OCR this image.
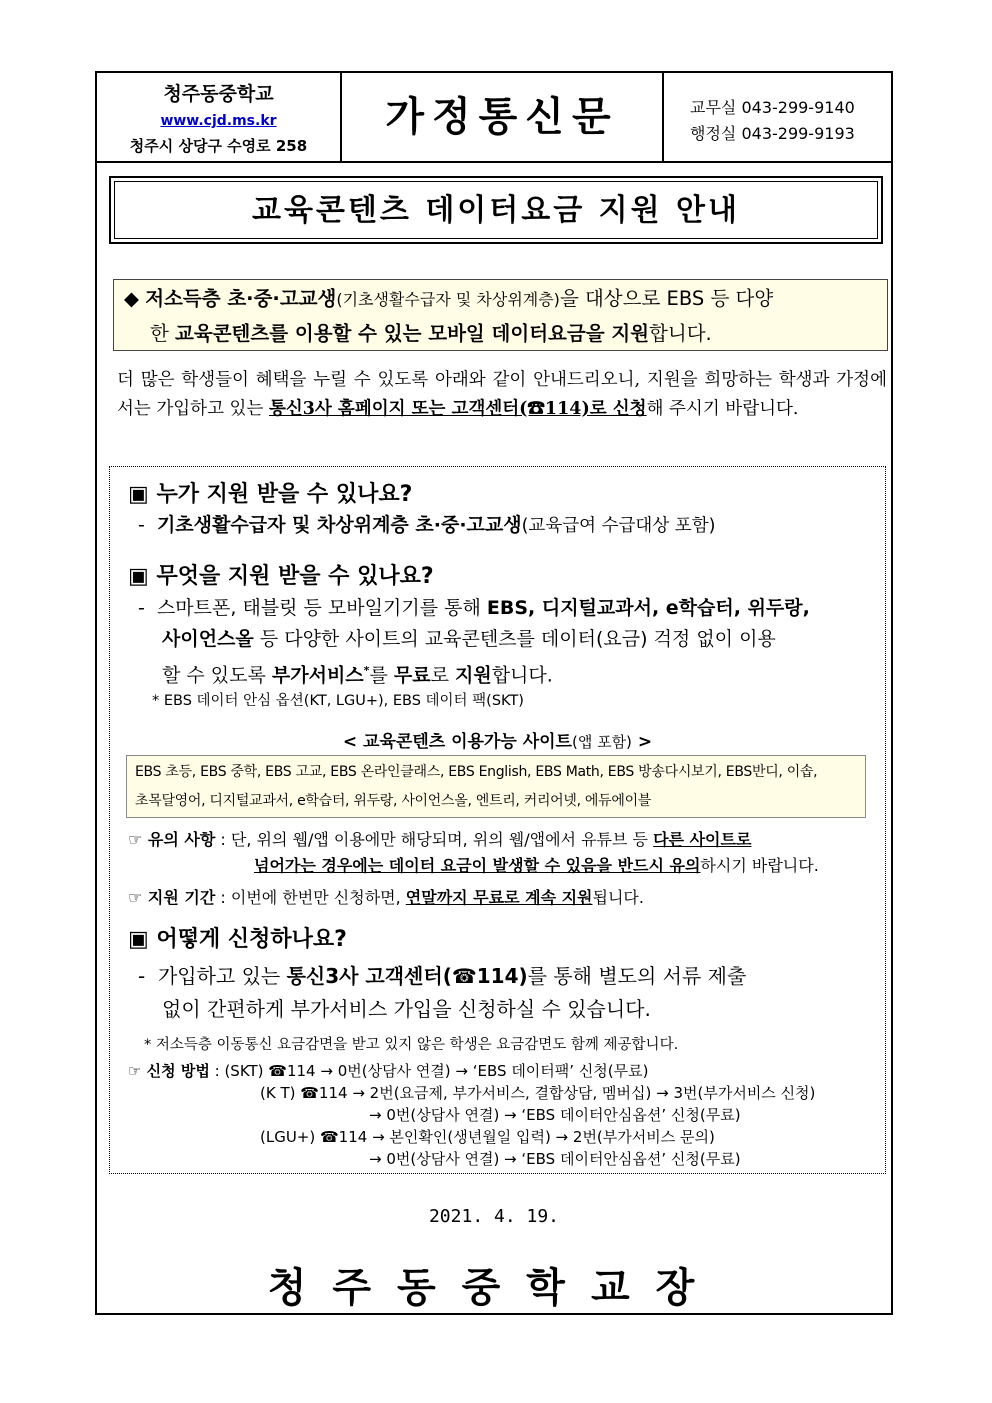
청주동중학교
www.cjd.ms.kr
청주시 상당구 수영로 258
가정통신문	교무실 043-299-9140
행정실 043-299-9193
교육콘텐츠 데이터요금 지원 안내
◆ 저소득층 초·중·고교생(기초생활수급자 및 차상위계층)을 대상으로 EBS 등 다양
한 교육콘텐츠를 이용할 수 있는 모바일 데이터요금을 지원합니다.
더 많은 학생들이 혜택을 누릴 수 있도록 아래와 같이 안내드리오니, 지원을 희망하는 학생과 가정에서는 가입하고 있는 통신3사 홈페이지 또는 고객센터(☎114)로 신청해 주시기 바랍니다.
▣ 누가 지원 받을 수 있나요?
- 기초생활수급자 및 차상위계층 초·중·고교생(교육급여 수급대상 포함)
▣ 무엇을 지원 받을 수 있나요?
- 스마트폰, 태블릿 등 모바일기기를 통해 EBS, 디지털교과서, e학습터, 위두랑,
사이언스올 등 다양한 사이트의 교육콘텐츠를 데이터(요금) 걱정 없이 이용
할 수 있도록 부가서비스*를 무료로 지원합니다.
* EBS 데이터 안심 옵션(KT, LGU+), EBS 데이터 팩(SKT)
< 교육콘텐츠 이용가능 사이트(앱 포함) >
EBS 초등, EBS 중학, EBS 고교, EBS 온라인클래스, EBS English, EBS Math, EBS 방송다시보기, EBS반디, 이솝,
초목달영어, 디지털교과서, e학습터, 위두랑, 사이언스올, 엔트리, 커리어넷, 에듀에이블
☞ 유의 사항 : 단, 위의 웹/앱 이용에만 해당되며, 위의 웹/앱에서 유튜브 등 다른 사이트로
넘어가는 경우에는 데이터 요금이 발생할 수 있음을 반드시 유의하시기 바랍니다.
☞ 지원 기간 : 이번에 한번만 신청하면, 연말까지 무료로 계속 지원됩니다.
▣ 어떻게 신청하나요?
- 가입하고 있는 통신3사 고객센터(☎114)를 통해 별도의 서류 제출
없이 간편하게 부가서비스 가입을 신청하실 수 있습니다.
* 저소득층 이동통신 요금감면을 받고 있지 않은 학생은 요금감면도 함께 제공합니다.
☞ 신청 방법 : (SKT) ☎114 → 0번(상담사 연결) → ‘EBS 데이터팩’ 신청(무료)
(K T) ☎114 → 2번(요금제, 부가서비스, 결합상담, 멤버십) → 3번(부가서비스 신청)
→ 0번(상담사 연결) → ‘EBS 데이터안심옵션’ 신청(무료)
(LGU+) ☎114 → 본인확인(생년월일 입력) → 2번(부가서비스 문의)
→ 0번(상담사 연결) → ‘EBS 데이터안심옵션’ 신청(무료)
2021. 4. 19.
청주동중학교장
